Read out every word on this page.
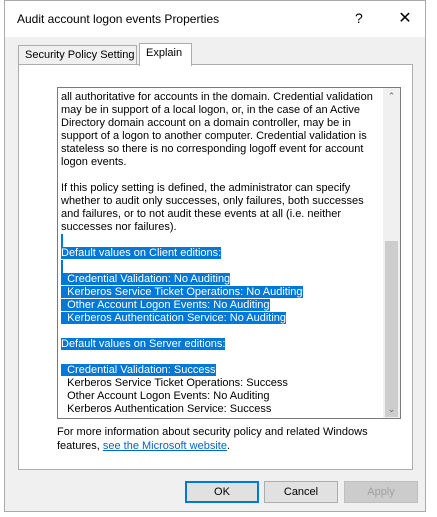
Audit account logon events Properties	?	✕
Security Policy Setting	Explain
all authoritative for accounts in the domain. Credential validation
may be in support of a local logon, or, in the case of an Active
Directory domain account on a domain controller, may be in
support of a logon to another computer. Credential validation is
stateless so there is no corresponding logoff event for account
logon events.
If this policy setting is defined, the administrator can specify
whether to audit only successes, only failures, both successes
and failures, or to not audit these events at all (i.e. neither
successes nor failures).
Default values on Client editions:
Credential Validation: No Auditing
Kerberos Service Ticket Operations: No Auditing
Other Account Logon Events: No Auditing
Kerberos Authentication Service: No Auditing
Default values on Server editions:
Credential Validation: Success
Kerberos Service Ticket Operations: Success
Other Account Logon Events: No Auditing
Kerberos Authentication Service: Success
⌃
⌄
For more information about security policy and related Windows features, see the Microsoft website.
OK	Cancel	Apply
